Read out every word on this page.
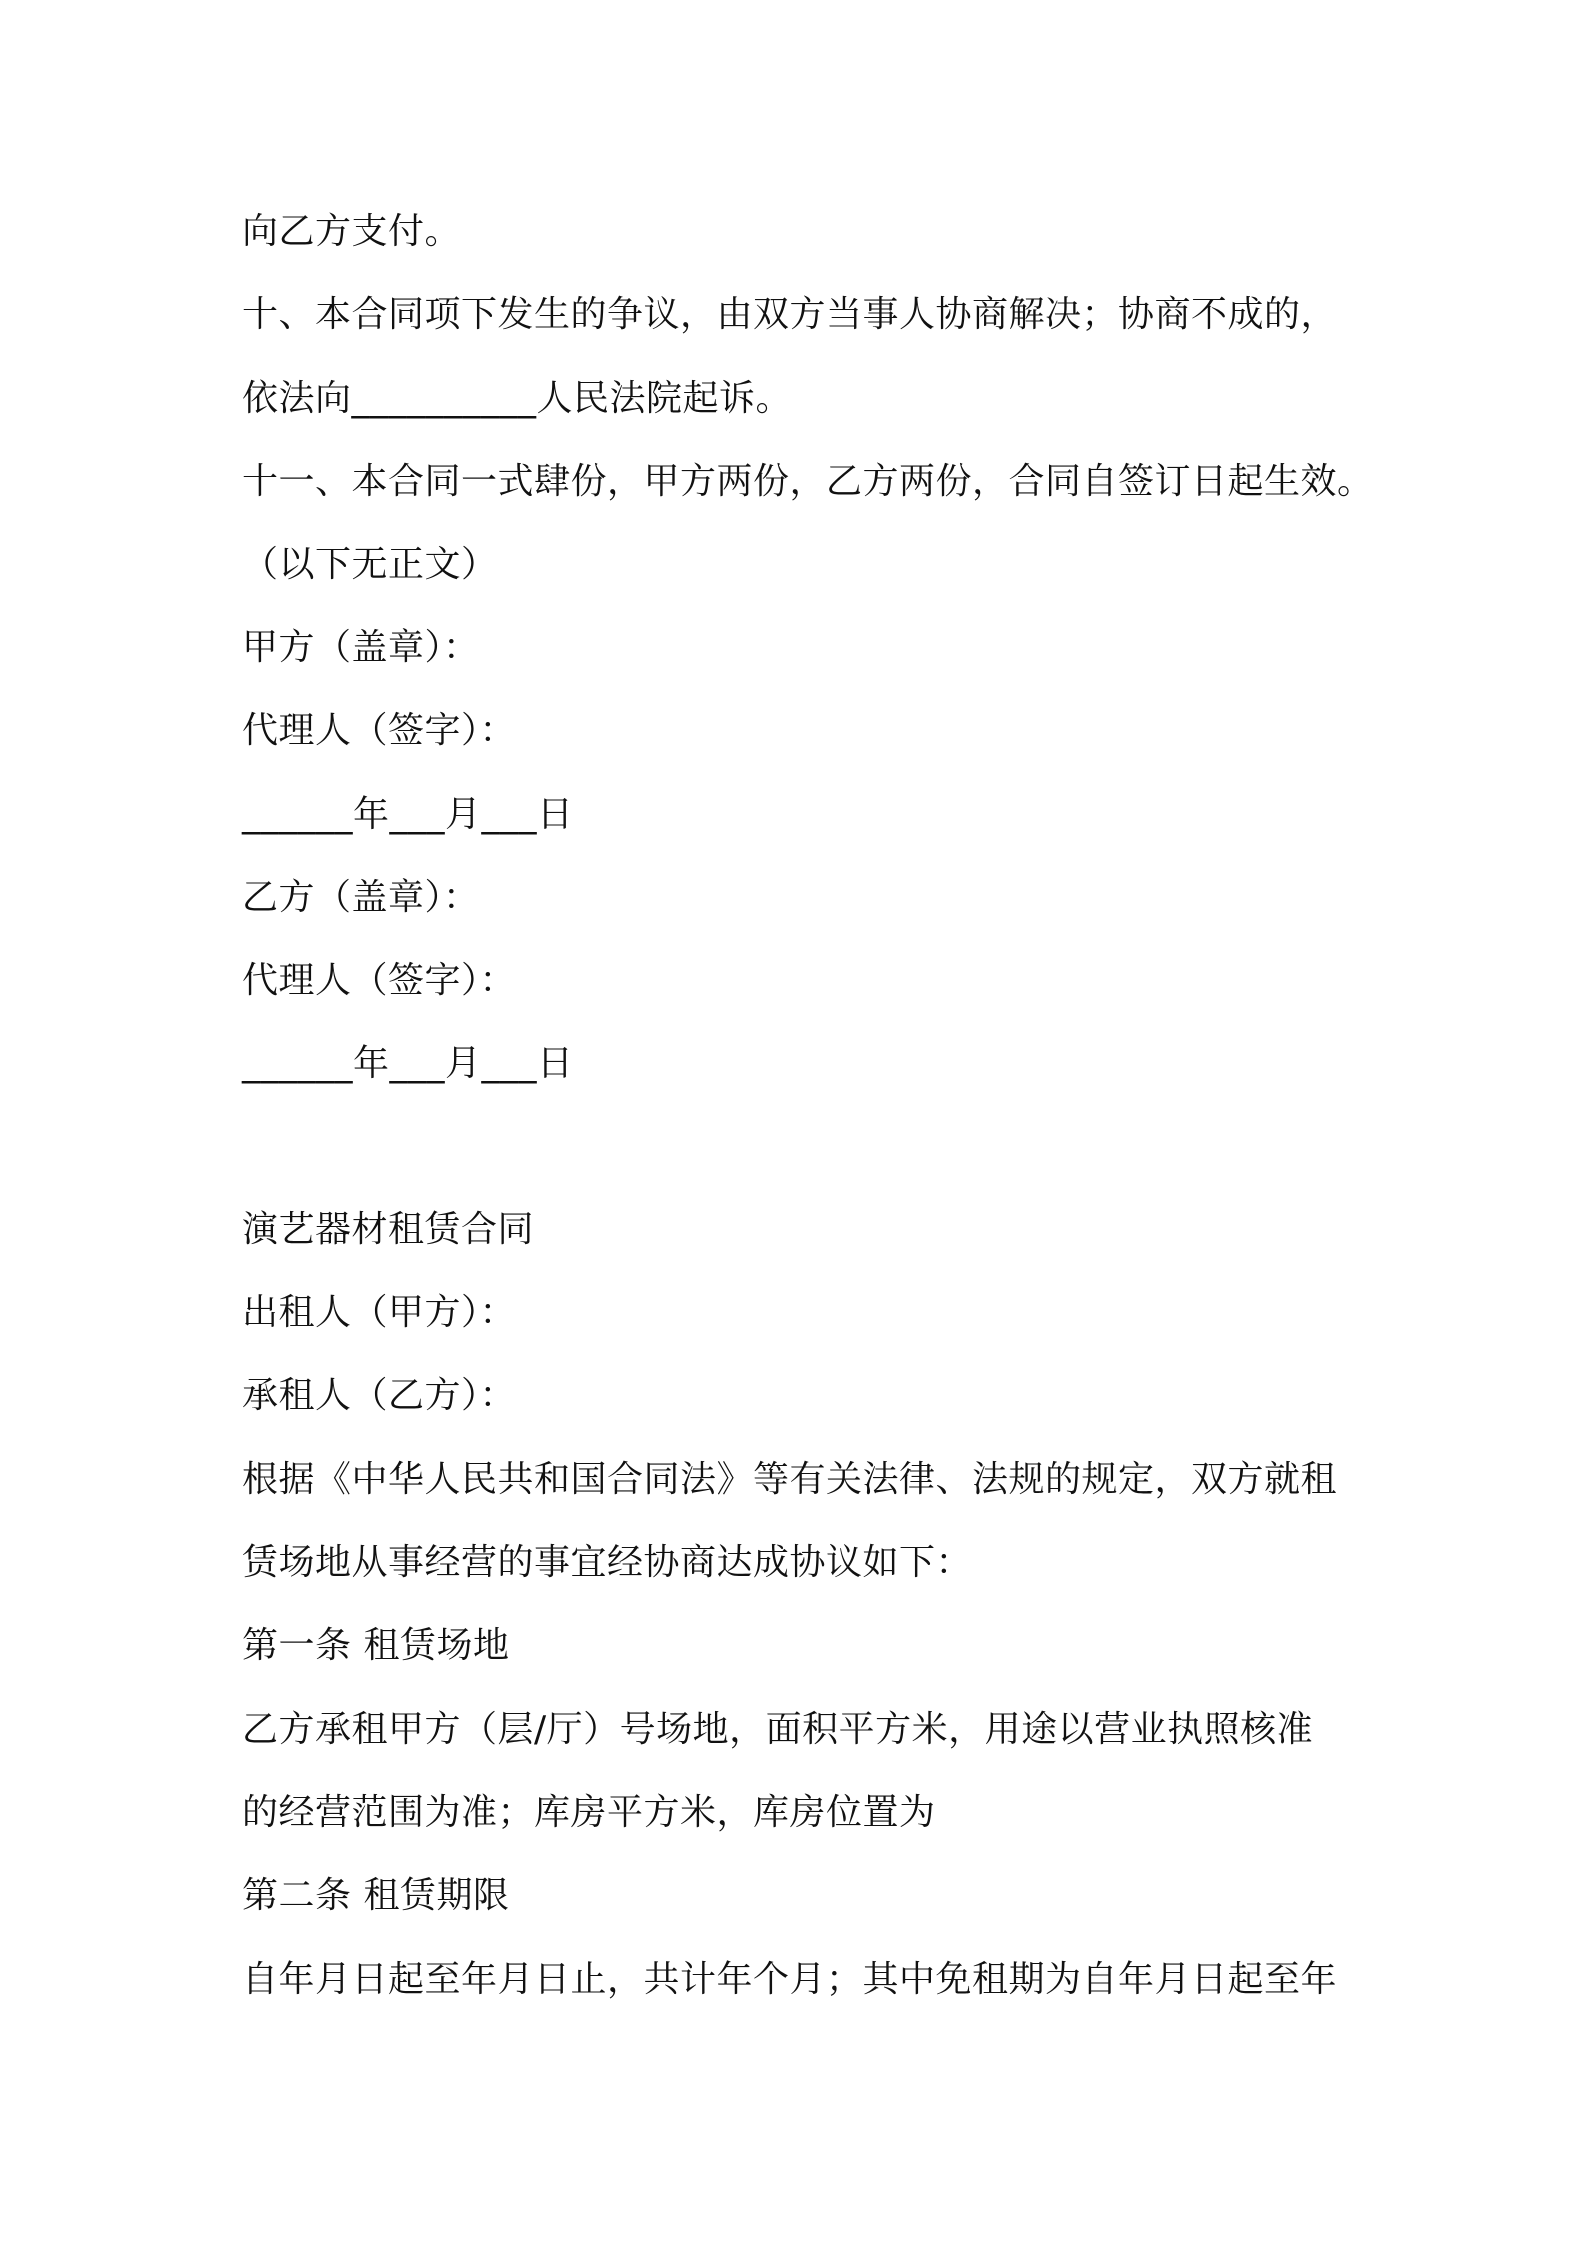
向乙方支付。
十、本合同项下发生的争议，由双方当事人协商解决；协商不成的，
依法向__________人民法院起诉。
十一、本合同一式肆份，甲方两份，乙方两份，合同自签订日起生效。
（以下无正文）
甲方（盖章）：
代理人（签字）：
______年___月___日
乙方（盖章）：
代理人（签字）：
______年___月___日
演艺器材租赁合同
出租人（甲方）：
承租人（乙方）：
根据《中华人民共和国合同法》等有关法律、法规的规定，双方就租
赁场地从事经营的事宜经协商达成协议如下：
第一条 租赁场地
乙方承租甲方（层/厅）号场地，面积平方米，用途以营业执照核准
的经营范围为准；库房平方米，库房位置为
第二条 租赁期限
自年月日起至年月日止，共计年个月；其中免租期为自年月日起至年
